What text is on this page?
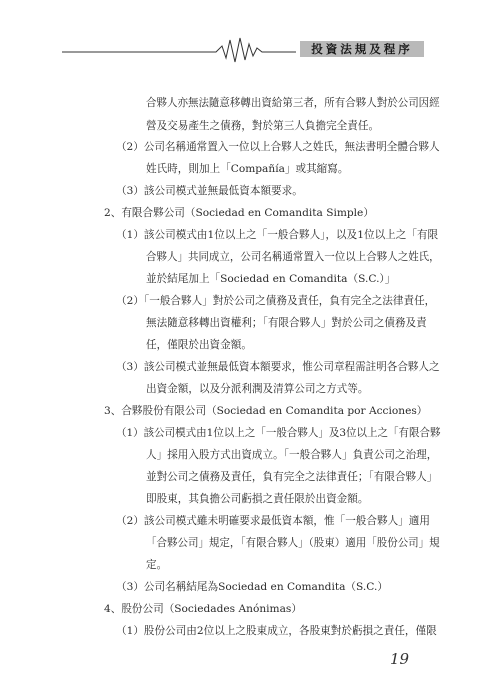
投資法規及程序
合夥人亦無法隨意移轉出資給第三者，所有合夥人對於公司因經
營及交易產生之債務，對於第三人負擔完全責任。
（2）公司名稱通常置入一位以上合夥人之姓氏，無法書明全體合夥人
姓氏時，則加上「Compañía」或其縮寫。
（3）該公司模式並無最低資本額要求。
2、有限合夥公司（Sociedad en Comandita Simple）
（1）該公司模式由1位以上之「一般合夥人」，以及1位以上之「有限
合夥人」共同成立，公司名稱通常置入一位以上合夥人之姓氏，
並於結尾加上「Sociedad en Comandita（S.C.）」
（2）「一般合夥人」對於公司之債務及責任，負有完全之法律責任，
無法隨意移轉出資權利；「有限合夥人」對於公司之債務及責
任，僅限於出資金額。
（3）該公司模式並無最低資本額要求，惟公司章程需註明各合夥人之
出資金額，以及分派利潤及清算公司之方式等。
3、合夥股份有限公司（Sociedad en Comandita por Acciones）
（1）該公司模式由1位以上之「一般合夥人」及3位以上之「有限合夥
人」採用入股方式出資成立。「一般合夥人」負責公司之治理，
並對公司之債務及責任，負有完全之法律責任；「有限合夥人」
即股東，其負擔公司虧損之責任限於出資金額。
（2）該公司模式雖未明確要求最低資本額，惟「一般合夥人」適用
「合夥公司」規定，「有限合夥人」（股東）適用「股份公司」規
定。
（3）公司名稱結尾為Sociedad en Comandita（S.C.）
4、股份公司（Sociedades Anónimas）
（1）股份公司由2位以上之股東成立，各股東對於虧損之責任，僅限
19
